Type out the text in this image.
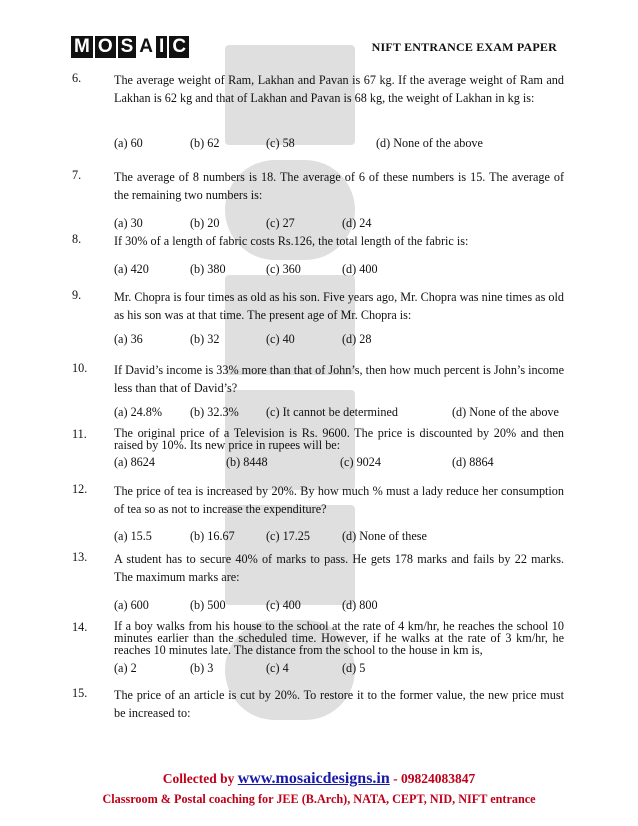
M O S A I C	NIFT ENTRANCE EXAM PAPER
6.	The average weight of Ram, Lakhan and Pavan is 67 kg. If the average weight of Ram and Lakhan is 62 kg and that of Lakhan and Pavan is 68 kg, the weight of Lakhan in kg is:
(a) 60	(b) 62	(c) 58	(d) None of the above
7.	The average of 8 numbers is 18. The average of 6 of these numbers is 15. The average of the remaining two numbers is:
(a) 30	(b) 20	(c) 27	(d) 24
8.	If 30% of a length of fabric costs Rs.126, the total length of the fabric is:
(a) 420	(b) 380	(c) 360	(d) 400
9.	Mr. Chopra is four times as old as his son. Five years ago, Mr. Chopra was nine times as old as his son was at that time. The present age of Mr. Chopra is:
(a) 36	(b) 32	(c) 40	(d) 28
10. If David’s income is 33% more than that of John’s, then how much percent is John’s income less than that of David’s?
(a) 24.8% (b) 32.3% (c) It cannot be determined	(d) None of the above
11. The original price of a Television is Rs. 9600. The price is discounted by 20% and then raised by 10%. Its new price in rupees will be:
(a) 8624	(b) 8448	(c) 9024	(d) 8864
12. The price of tea is increased by 20%. By how much % must a lady reduce her consumption of tea so as not to increase the expenditure?
(a) 15.5	(b) 16.67	(c) 17.25	(d) None of these
13. A student has to secure 40% of marks to pass. He gets 178 marks and fails by 22 marks. The maximum marks are:
(a) 600	(b) 500	(c) 400	(d) 800
14. If a boy walks from his house to the school at the rate of 4 km/hr, he reaches the school 10 minutes earlier than the scheduled time. However, if he walks at the rate of 3 km/hr, he reaches 10 minutes late. The distance from the school to the house in km is,
(a) 2	(b) 3	(c) 4	(d) 5
15. The price of an article is cut by 20%. To restore it to the former value, the new price must be increased to:
Collected by www.mosaicdesigns.in - 09824083847
Classroom & Postal coaching for JEE (B.Arch), NATA, CEPT, NID, NIFT entrance
